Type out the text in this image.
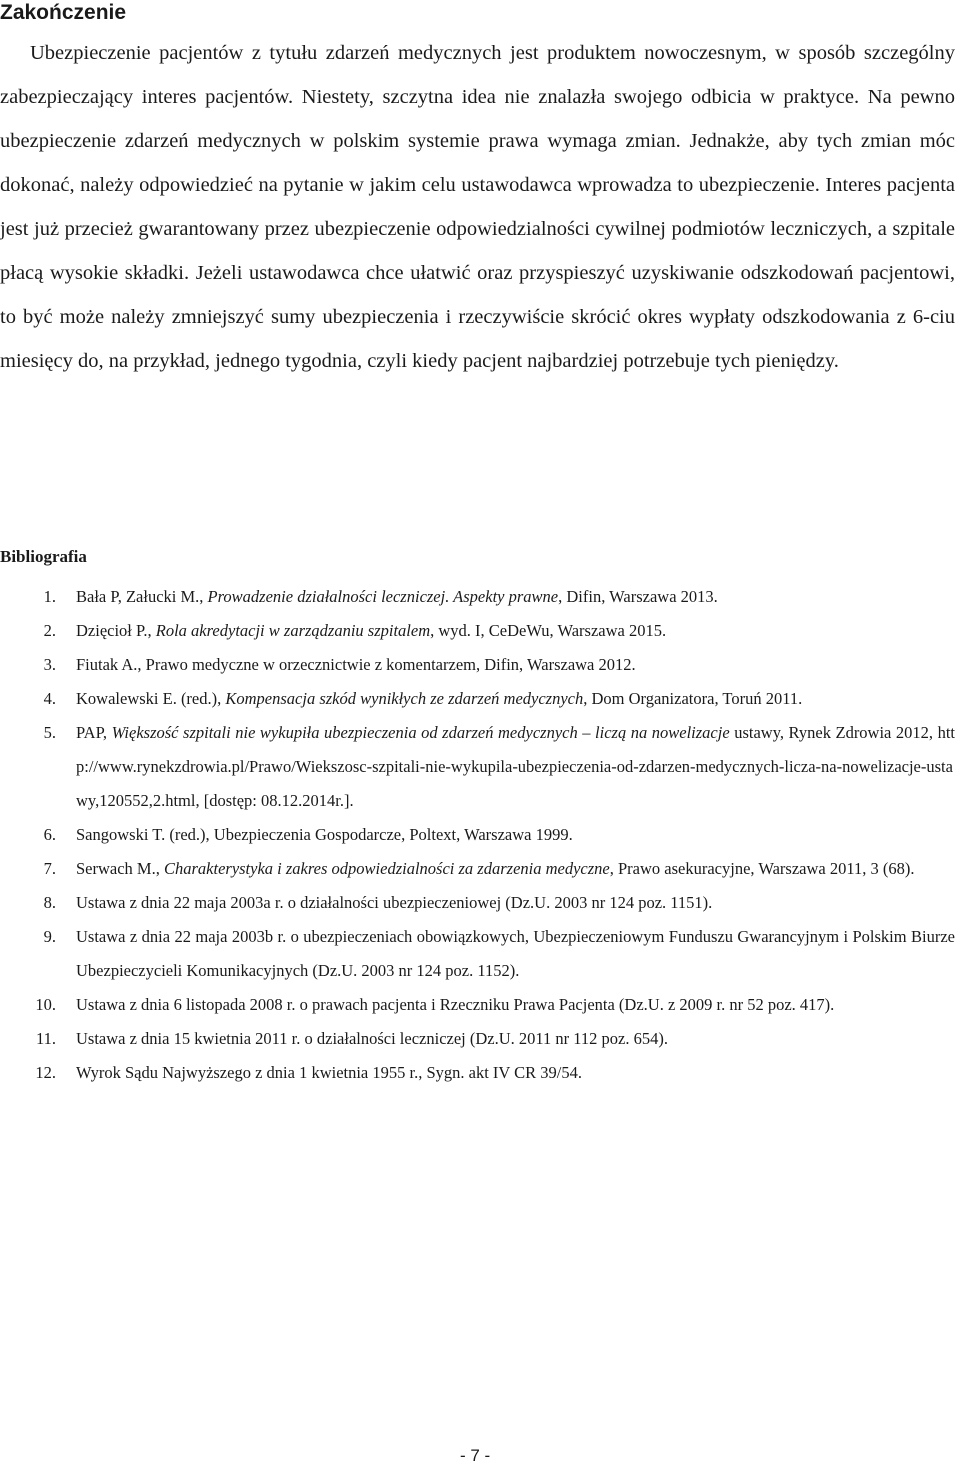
Zakończenie

Ubezpieczenie pacjentów z tytułu zdarzeń medycznych jest produktem nowoczesnym, w sposób szczególny zabezpieczający interes pacjentów. Niestety, szczytna idea nie znalazła swojego odbicia w praktyce. Na pewno ubezpieczenie zdarzeń medycznych w polskim systemie prawa wymaga zmian. Jednakże, aby tych zmian móc dokonać, należy odpowiedzieć na pytanie w jakim celu ustawodawca wprowadza to ubezpieczenie. Interes pacjenta jest już przecież gwarantowany przez ubezpieczenie odpowiedzialności cywilnej podmiotów leczniczych, a szpitale płacą wysokie składki. Jeżeli ustawodawca chce ułatwić oraz przyspieszyć uzyskiwanie odszkodowań pacjentowi, to być może należy zmniejszyć sumy ubezpieczenia i rzeczywiście skrócić okres wypłaty odszkodowania z 6-ciu miesięcy do, na przykład, jednego tygodnia, czyli kiedy pacjent najbardziej potrzebuje tych pieniędzy.

Bibliografia
1. Bała P, Załucki M., Prowadzenie działalności leczniczej. Aspekty prawne, Difin, Warszawa 2013.
2. Dzięcioł P., Rola akredytacji w zarządzaniu szpitalem, wyd. I, CeDeWu, Warszawa 2015.
3. Fiutak A., Prawo medyczne w orzecznictwie z komentarzem, Difin, Warszawa 2012.
4. Kowalewski E. (red.), Kompensacja szkód wynikłych ze zdarzeń medycznych, Dom Organizatora, Toruń 2011.
5. PAP, Większość szpitali nie wykupiła ubezpieczenia od zdarzeń medycznych – liczą na nowelizacje ustawy, Rynek Zdrowia 2012, http://www.rynekzdrowia.pl/Prawo/Wiekszosc-szpitali-nie-wykupila-ubezpieczenia-od-zdarzen-medycznych-licza-na-nowelizacje-ustawy,120552,2.html, [dostęp: 08.12.2014r.].
6. Sangowski T. (red.), Ubezpieczenia Gospodarcze, Poltext, Warszawa 1999.
7. Serwach M., Charakterystyka i zakres odpowiedzialności za zdarzenia medyczne, Prawo asekuracyjne, Warszawa 2011, 3 (68).
8. Ustawa z dnia 22 maja 2003a r. o działalności ubezpieczeniowej (Dz.U. 2003 nr 124 poz. 1151).
9. Ustawa z dnia 22 maja 2003b r. o ubezpieczeniach obowiązkowych, Ubezpieczeniowym Funduszu Gwarancyjnym i Polskim Biurze Ubezpieczycieli Komunikacyjnych (Dz.U. 2003 nr 124 poz. 1152).
10. Ustawa z dnia 6 listopada 2008 r. o prawach pacjenta i Rzeczniku Prawa Pacjenta (Dz.U. z 2009 r. nr 52 poz. 417).
11. Ustawa z dnia 15 kwietnia 2011 r. o działalności leczniczej (Dz.U. 2011 nr 112 poz. 654).
12. Wyrok Sądu Najwyższego z dnia 1 kwietnia 1955 r., Sygn. akt IV CR 39/54.
- 7 -
